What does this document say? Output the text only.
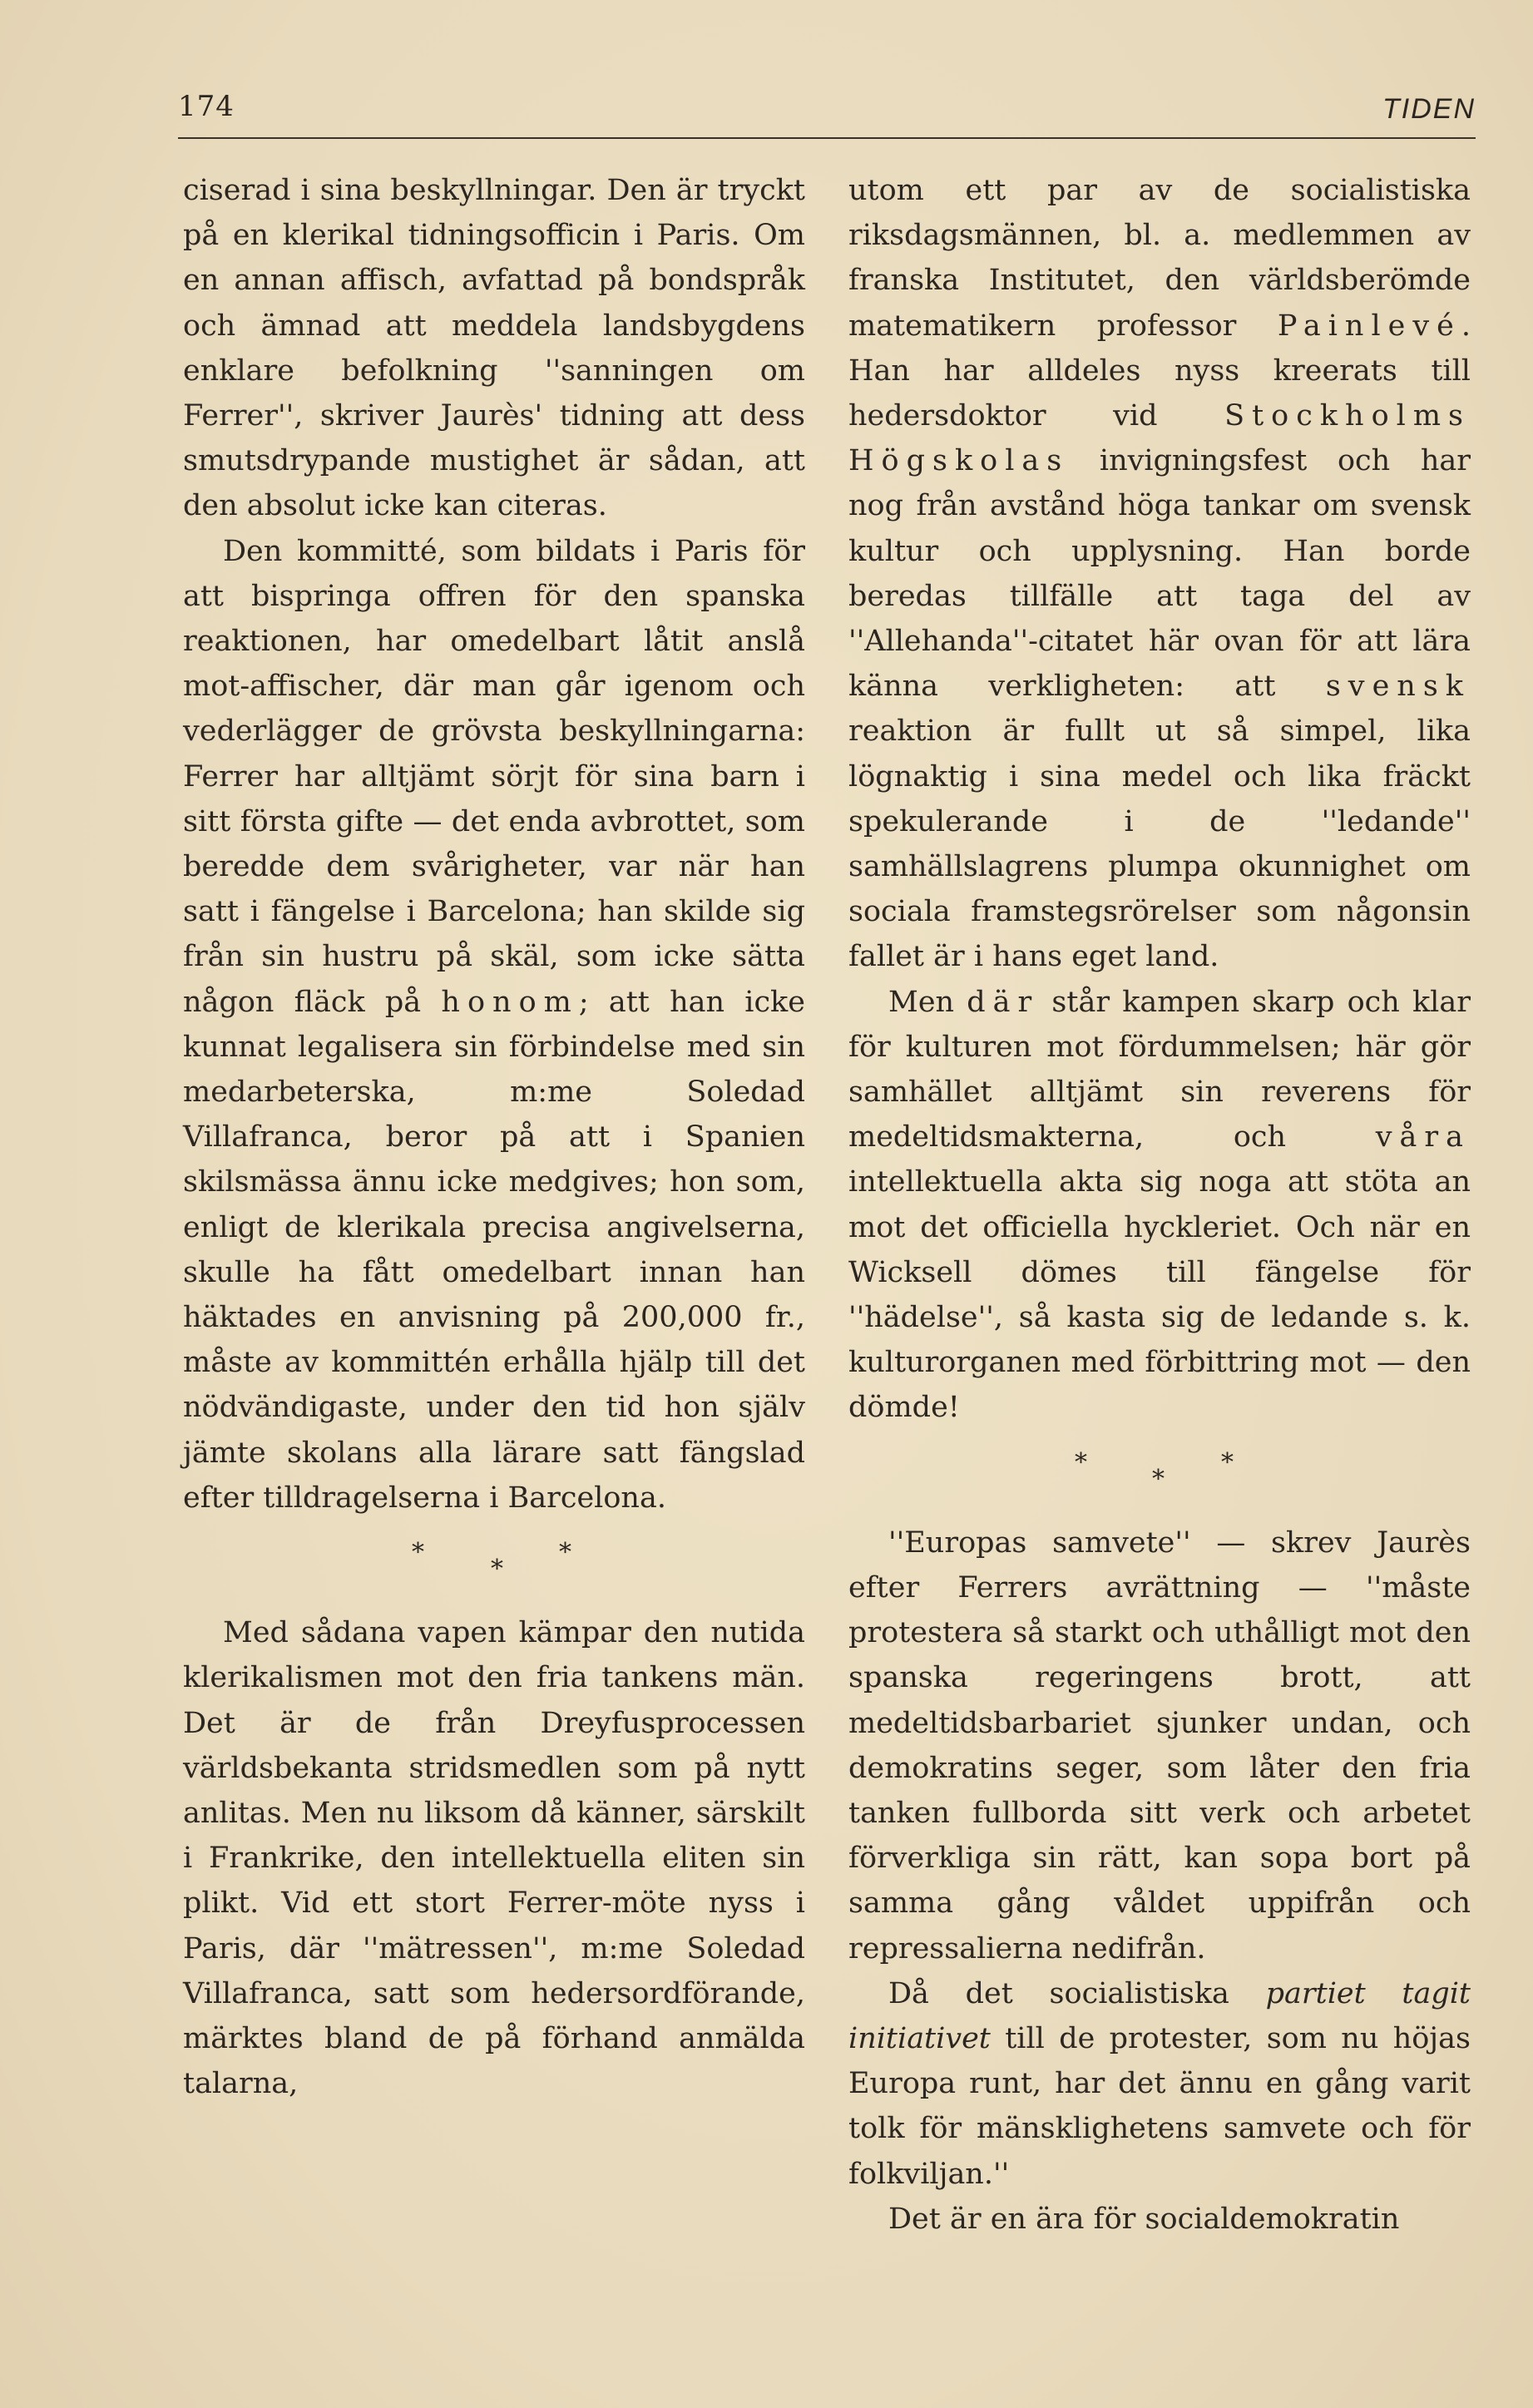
174	TIDEN

ciserad i sina beskyllningar. Den är tryckt på en klerikal tidningsofficin i Paris. Om en annan affisch, avfattad på bondspråk och ämnad att meddela landsbygdens enklare befolkning ''sanningen om Ferrer'', skriver Jaurès' tidning att dess smutsdrypande mustighet är sådan, att den absolut icke kan citeras.

Den kommitté, som bildats i Paris för att bispringa offren för den spanska reaktionen, har omedelbart låtit anslå mot-affischer, där man går igenom och vederlägger de grövsta beskyllningarna: Ferrer har alltjämt sörjt för sina barn i sitt första gifte — det enda avbrottet, som beredde dem svårigheter, var när han satt i fängelse i Barcelona; han skilde sig från sin hustru på skäl, som icke sätta någon fläck på honom; att han icke kunnat legalisera sin förbindelse med sin medarbeterska, m:me Soledad Villafranca, beror på att i Spanien skilsmässa ännu icke medgives; hon som, enligt de klerikala precisa angivelserna, skulle ha fått omedelbart innan han häktades en anvisning på 200,000 fr., måste av kommittén erhålla hjälp till det nödvändigaste, under den tid hon själv jämte skolans alla lärare satt fängslad efter tilldragelserna i Barcelona.

*
*
*

Med sådana vapen kämpar den nutida klerikalismen mot den fria tankens män. Det är de från Dreyfusprocessen världsbekanta stridsmedlen som på nytt anlitas. Men nu liksom då känner, särskilt i Frankrike, den intellektuella eliten sin plikt. Vid ett stort Ferrer-möte nyss i Paris, där ''mätressen'', m:me Soledad Villafranca, satt som hedersordförande, märktes bland de på förhand anmälda talarna,

utom ett par av de socialistiska riksdagsmännen, bl. a. medlemmen av franska Institutet, den världsberömde matematikern professor Painlevé. Han har alldeles nyss kreerats till hedersdoktor vid Stockholms Högskolas invigningsfest och har nog från avstånd höga tankar om svensk kultur och upplysning. Han borde beredas tillfälle att taga del av ''Allehanda''-citatet här ovan för att lära känna verkligheten: att svensk reaktion är fullt ut så simpel, lika lögnaktig i sina medel och lika fräckt spekulerande i de ''ledande'' samhällslagrens plumpa okunnighet om sociala framstegsrörelser som någonsin fallet är i hans eget land.

Men där står kampen skarp och klar för kulturen mot fördummelsen; här gör samhället alltjämt sin reverens för medeltidsmakterna, och	våra intellektuella akta sig noga att stöta an mot det officiella hyckleriet. Och när en Wicksell dömes till fängelse för ''hädelse'', så kasta sig de ledande s. k. kulturorganen med förbittring mot — den dömde!

*
*
*

''Europas samvete'' — skrev Jaurès efter Ferrers avrättning — ''måste protestera så starkt och uthålligt mot den spanska regeringens brott, att medeltidsbarbariet sjunker undan, och demokratins seger, som låter den fria tanken fullborda sitt verk och arbetet förverkliga sin rätt, kan sopa bort på samma gång våldet uppifrån och repressalierna nedifrån.

Då det socialistiska partiet tagit initiativet till de protester, som nu höjas Europa runt, har det ännu en gång varit tolk för mänsklighetens samvete och för folkviljan.''

Det är en ära för socialdemokratin
